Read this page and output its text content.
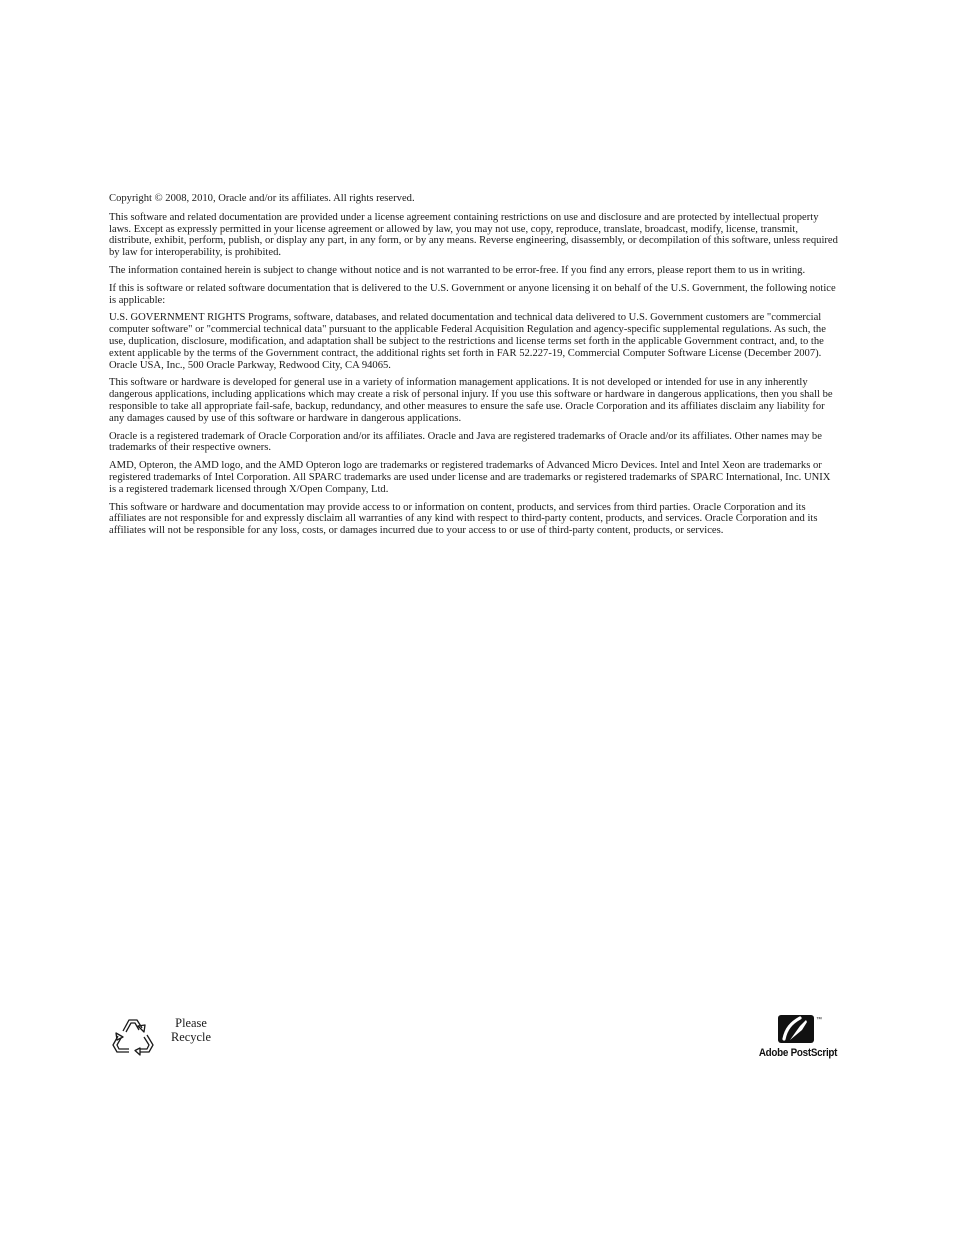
Copyright © 2008, 2010, Oracle and/or its affiliates. All rights reserved.

This software and related documentation are provided under a license agreement containing restrictions on use and disclosure and are protected by intellectual property laws. Except as expressly permitted in your license agreement or allowed by law, you may not use, copy, reproduce, translate, broadcast, modify, license, transmit, distribute, exhibit, perform, publish, or display any part, in any form, or by any means. Reverse engineering, disassembly, or decompilation of this software, unless required by law for interoperability, is prohibited.

The information contained herein is subject to change without notice and is not warranted to be error-free. If you find any errors, please report them to us in writing.

If this is software or related software documentation that is delivered to the U.S. Government or anyone licensing it on behalf of the U.S. Government, the following notice is applicable:

U.S. GOVERNMENT RIGHTS Programs, software, databases, and related documentation and technical data delivered to U.S. Government customers are "commercial computer software" or "commercial technical data" pursuant to the applicable Federal Acquisition Regulation and agency-specific supplemental regulations. As such, the use, duplication, disclosure, modification, and adaptation shall be subject to the restrictions and license terms set forth in the applicable Government contract, and, to the extent applicable by the terms of the Government contract, the additional rights set forth in FAR 52.227-19, Commercial Computer Software License (December 2007). Oracle USA, Inc., 500 Oracle Parkway, Redwood City, CA 94065.

This software or hardware is developed for general use in a variety of information management applications. It is not developed or intended for use in any inherently dangerous applications, including applications which may create a risk of personal injury. If you use this software or hardware in dangerous applications, then you shall be responsible to take all appropriate fail-safe, backup, redundancy, and other measures to ensure the safe use. Oracle Corporation and its affiliates disclaim any liability for any damages caused by use of this software or hardware in dangerous applications.

Oracle is a registered trademark of Oracle Corporation and/or its affiliates. Oracle and Java are registered trademarks of Oracle and/or its affiliates. Other names may be trademarks of their respective owners.

AMD, Opteron, the AMD logo, and the AMD Opteron logo are trademarks or registered trademarks of Advanced Micro Devices. Intel and Intel Xeon are trademarks or registered trademarks of Intel Corporation. All SPARC trademarks are used under license and are trademarks or registered trademarks of SPARC International, Inc. UNIX is a registered trademark licensed through X/Open Company, Ltd.

This software or hardware and documentation may provide access to or information on content, products, and services from third parties. Oracle Corporation and its affiliates are not responsible for and expressly disclaim all warranties of any kind with respect to third-party content, products, and services. Oracle Corporation and its affiliates will not be responsible for any loss, costs, or damages incurred due to your access to or use of third-party content, products, or services.

Please
Recycle
™
Adobe PostScript
